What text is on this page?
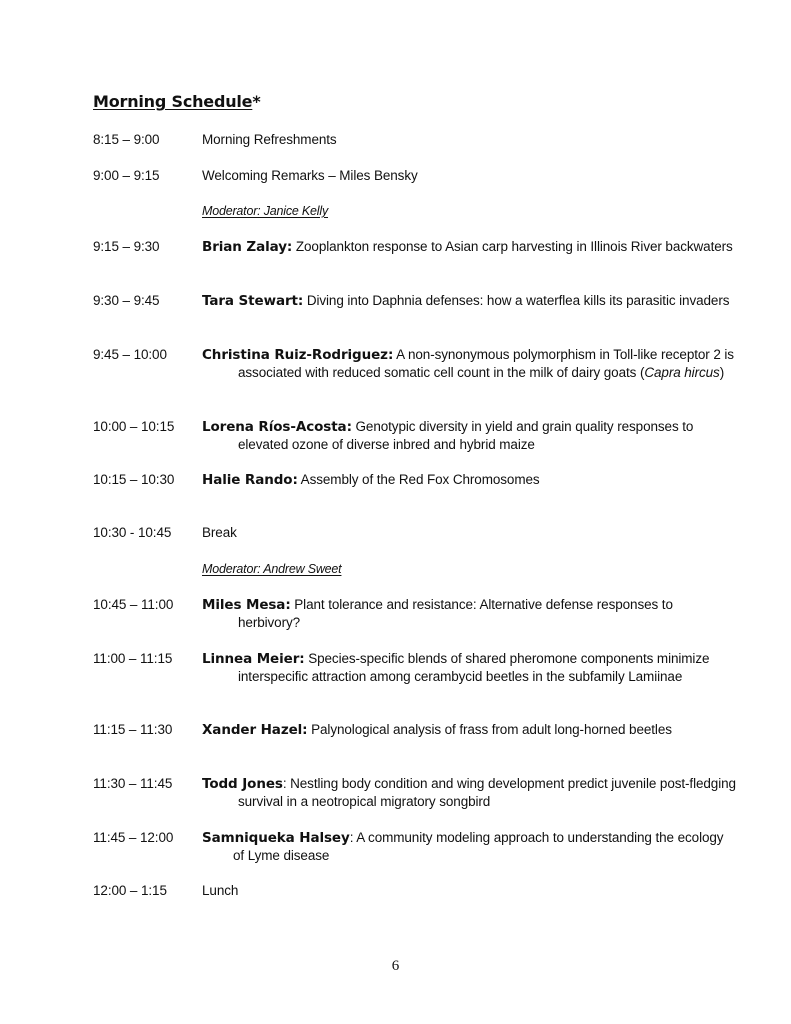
Morning Schedule*
8:15 – 9:00	Morning Refreshments
9:00 – 9:15	Welcoming Remarks – Miles Bensky
Moderator: Janice Kelly
9:15 – 9:30	Brian Zalay: Zooplankton response to Asian carp harvesting in Illinois River backwaters
9:30 – 9:45	Tara Stewart: Diving into Daphnia defenses: how a waterflea kills its parasitic invaders
9:45 – 10:00	Christina Ruiz-Rodriguez: A non-synonymous polymorphism in Toll-like receptor 2 is associated with reduced somatic cell count in the milk of dairy goats (Capra hircus)
10:00 – 10:15 Lorena Ríos-Acosta: Genotypic diversity in yield and grain quality responses to elevated ozone of diverse inbred and hybrid maize
10:15 – 10:30 Halie Rando: Assembly of the Red Fox Chromosomes
10:30 - 10:45 Break
Moderator: Andrew Sweet
10:45 – 11:00 Miles Mesa: Plant tolerance and resistance: Alternative defense responses to herbivory?
11:00 – 11:15 Linnea Meier: Species-specific blends of shared pheromone components minimize interspecific attraction among cerambycid beetles in the subfamily Lamiinae
11:15 – 11:30 Xander Hazel: Palynological analysis of frass from adult long-horned beetles
11:30 – 11:45 Todd Jones: Nestling body condition and wing development predict juvenile post-fledging survival in a neotropical migratory songbird
11:45 – 12:00 Samniqueka Halsey: A community modeling approach to understanding the ecology of Lyme disease
12:00 – 1:15	Lunch
6
